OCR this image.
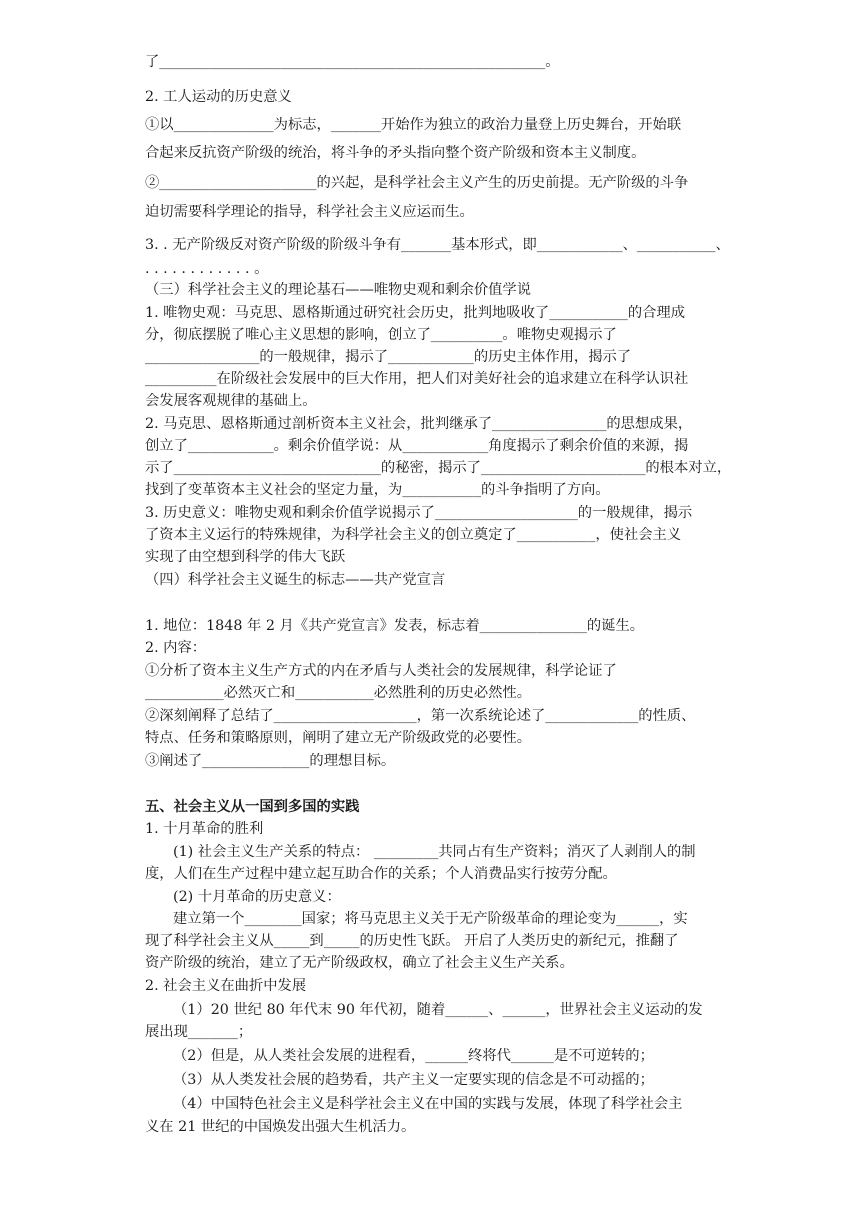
了______________________________________________________。
2. 工人运动的历史意义
①以______________为标志，_______开始作为独立的政治力量登上历史舞台，开始联
合起来反抗资产阶级的统治，将斗争的矛头指向整个资产阶级和资本主义制度。
②______________________的兴起，是科学社会主义产生的历史前提。无产阶级的斗争
迫切需要科学理论的指导，科学社会主义应运而生。
3. . 无产阶级反对资产阶级的阶级斗争有_______基本形式，即____________、___________、
. . . . . . . . . . . . 。
（三）科学社会主义的理论基石——唯物史观和剩余价值学说
1. 唯物史观：马克思、恩格斯通过研究社会历史，批判地吸收了___________的合理成
分，彻底摆脱了唯心主义思想的影响，创立了__________。唯物史观揭示了
________________的一般规律，揭示了____________的历史主体作用，揭示了
__________在阶级社会发展中的巨大作用，把人们对美好社会的追求建立在科学认识社
会发展客观规律的基础上。
2. 马克思、恩格斯通过剖析资本主义社会，批判继承了________________的思想成果，
创立了____________。剩余价值学说：从____________角度揭示了剩余价值的来源，揭
示了_____________________________的秘密，揭示了_______________________的根本对立，
找到了变革资本主义社会的坚定力量，为___________的斗争指明了方向。
3. 历史意义：唯物史观和剩余价值学说揭示了____________________的一般规律，揭示
了资本主义运行的特殊规律，为科学社会主义的创立奠定了___________，使社会主义
实现了由空想到科学的伟大飞跃
（四）科学社会主义诞生的标志——共产党宣言
1. 地位：1848 年 2 月《共产党宣言》发表，标志着_______________的诞生。
2. 内容：
①分析了资本主义生产方式的内在矛盾与人类社会的发展规律，科学论证了
___________必然灭亡和___________必然胜利的历史必然性。
②深刻阐释了总结了____________________，第一次系统论述了_____________的性质、
特点、任务和策略原则，阐明了建立无产阶级政党的必要性。
③阐述了_______________的理想目标。
五、社会主义从一国到多国的实践
1. 十月革命的胜利
(1) 社会主义生产关系的特点： _________共同占有生产资料；消灭了人剥削人的制
度，人们在生产过程中建立起互助合作的关系；个人消费品实行按劳分配。
(2) 十月革命的历史意义：
建立第一个________国家；将马克思主义关于无产阶级革命的理论变为______，实
现了科学社会主义从_____到_____的历史性飞跃。 开启了人类历史的新纪元，推翻了
资产阶级的统治，建立了无产阶级政权，确立了社会主义生产关系。
2. 社会主义在曲折中发展
（1）20 世纪 80 年代末 90 年代初，随着______、______，世界社会主义运动的发
展出现_______；
（2）但是，从人类社会发展的进程看，______终将代______是不可逆转的；
（3）从人类发社会展的趋势看，共产主义一定要实现的信念是不可动摇的；
（4）中国特色社会主义是科学社会主义在中国的实践与发展，体现了科学社会主
义在 21 世纪的中国焕发出强大生机活力。
